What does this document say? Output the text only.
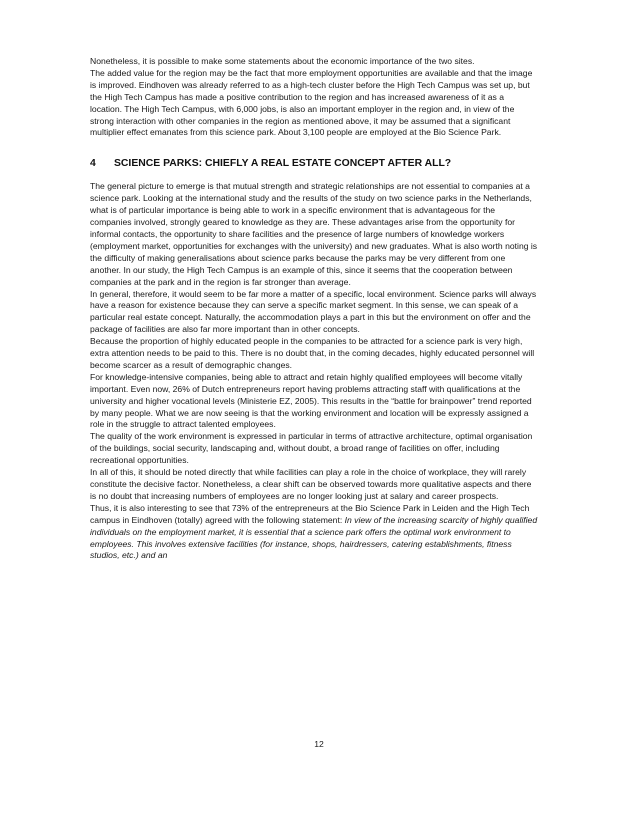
Nonetheless, it is possible to make some statements about the economic importance of the two sites.

The added value for the region may be the fact that more employment opportunities are available and that the image is improved. Eindhoven was already referred to as a high-tech cluster before the High Tech Campus was set up, but the High Tech Campus has made a positive contribution to the region and has increased awareness of it as a location. The High Tech Campus, with 6,000 jobs, is also an important employer in the region and, in view of the strong interaction with other companies in the region as mentioned above, it may be assumed that a significant multiplier effect emanates from this science park. About 3,100 people are employed at the Bio Science Park.

4	SCIENCE PARKS: CHIEFLY A REAL ESTATE CONCEPT AFTER ALL?

The general picture to emerge is that mutual strength and strategic relationships are not essential to companies at a science park. Looking at the international study and the results of the study on two science parks in the Netherlands, what is of particular importance is being able to work in a specific environment that is advantageous for the companies involved, strongly geared to knowledge as they are. These advantages arise from the opportunity for informal contacts, the opportunity to share facilities and the presence of large numbers of knowledge workers (employment market, opportunities for exchanges with the university) and new graduates. What is also worth noting is the difficulty of making generalisations about science parks because the parks may be very different from one another. In our study, the High Tech Campus is an example of this, since it seems that the cooperation between companies at the park and in the region is far stronger than average.

In general, therefore, it would seem to be far more a matter of a specific, local environment. Science parks will always have a reason for existence because they can serve a specific market segment. In this sense, we can speak of a particular real estate concept. Naturally, the accommodation plays a part in this but the environment on offer and the package of facilities are also far more important than in other concepts.

Because the proportion of highly educated people in the companies to be attracted for a science park is very high, extra attention needs to be paid to this. There is no doubt that, in the coming decades, highly educated personnel will become scarcer as a result of demographic changes.

For knowledge-intensive companies, being able to attract and retain highly qualified employees will become vitally important. Even now, 26% of Dutch entrepreneurs report having problems attracting staff with qualifications at the university and higher vocational levels (Ministerie EZ, 2005). This results in the “battle for brainpower” trend reported by many people. What we are now seeing is that the working environment and location will be expressly assigned a role in the struggle to attract talented employees.

The quality of the work environment is expressed in particular in terms of attractive architecture, optimal organisation of the buildings, social security, landscaping and, without doubt, a broad range of facilities on offer, including recreational opportunities.

In all of this, it should be noted directly that while facilities can play a role in the choice of workplace, they will rarely constitute the decisive factor. Nonetheless, a clear shift can be observed towards more qualitative aspects and there is no doubt that increasing numbers of employees are no longer looking just at salary and career prospects.

Thus, it is also interesting to see that 73% of the entrepreneurs at the Bio Science Park in Leiden and the High Tech campus in Eindhoven (totally) agreed with the following statement: In view of the increasing scarcity of highly qualified individuals on the employment market, it is essential that a science park offers the optimal work environment to employees. This involves extensive facilities (for instance, shops, hairdressers, catering establishments, fitness studios, etc.) and an

12
